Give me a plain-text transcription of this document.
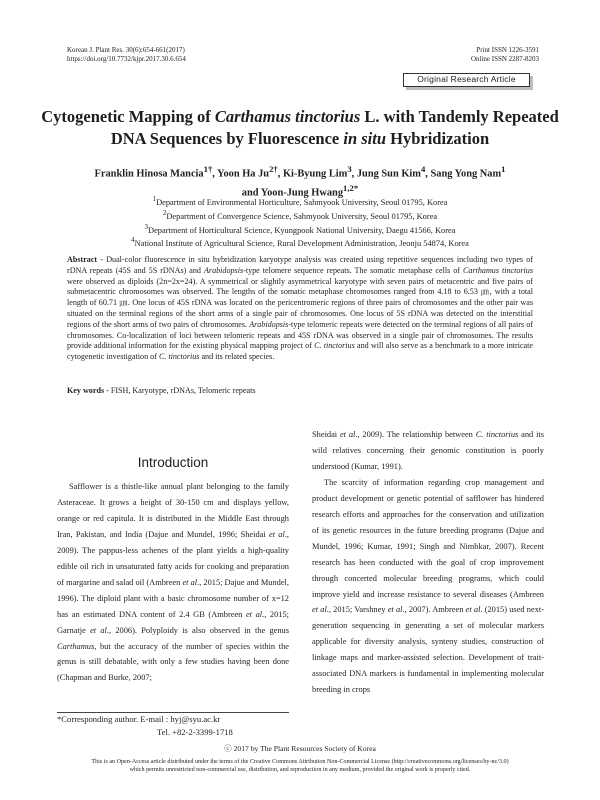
Korean J. Plant Res. 30(6):654-661(2017)
https://doi.org/10.7732/kjpr.2017.30.6.654
Print ISSN 1226-3591
Online ISSN 2287-8203
Original Research Article
Cytogenetic Mapping of Carthamus tinctorius L. with Tandemly Repeated DNA Sequences by Fluorescence in situ Hybridization
Franklin Hinosa Mancia$^{1\dagger}$, Yoon Ha $Ju^{2\dagger}$, Ki-Byung Lim$^3$, Jung Sun Kim$^4$, Sang Yong Nam$^1$
and Yoon-Jung Hwang$^{1,2*}$
$^1$Department of Environmental Horticulture, Sahmyook University, Seoul 01795, Korea
$^2$Department of Convergence Science, Sahmyook University, Seoul 01795, Korea
$^3$Department of Horticultural Science, Kyungpook National University, Daegu 41566, Korea
$^4$National Institute of Agricultural Science, Rural Development Administration, Jeonju 54874, Korea
Abstract - Dual-color fluorescence in situ hybridization karyotype analysis was created using repetitive sequences including two types of rDNA repeats (45S and 5S rDNAs) and Arabidopsis-type telomere sequence repeats. The somatic metaphase cells of Carthamus tinctorius were observed as diploids (2n=2x=24). A symmetrical or slightly asymmetrical karyotype with seven pairs of metacentric and five pairs of submetacentric chromosomes was observed. The lengths of the somatic metaphase chromosomes ranged from 4.18 to 6.53 ㎛, with a total length of 60.71 ㎛. One locus of 45S rDNA was located on the pericentromeric regions of three pairs of chromosomes and the other pair was situated on the terminal regions of the short arms of a single pair of chromosomes. One locus of 5S rDNA was detected on the interstitial regions of the short arms of two pairs of chromosomes. Arabidopsis-type telomeric repeats were detected on the terminal regions of all pairs of chromosomes. Co-localization of loci between telomeric repeats and 45S rDNA was observed in a single pair of chromosomes. The results provide additional information for the existing physical mapping project of C. tinctorius and will also serve as a benchmark to a more intricate cytogenetic investigation of C. tinctorius and its related species.
Key words - FISH, Karyotype, rDNAs, Telomeric repeats
Introduction

Safflower is a thistle-like annual plant belonging to the family Asteraceae. It grows a height of 30-150 cm and displays yellow, orange or red capitula. It is distributed in the Middle East through Iran, Pakistan, and India (Dajue and Mundel, 1996; Sheidai et al., 2009). The pappus-less achenes of the plant yields a high-quality edible oil rich in unsaturated fatty acids for cooking and preparation of margarine and salad oil (Ambreen et al., 2015; Dajue and Mundel, 1996). The diploid plant with a basic chromosome number of x=12 has an estimated DNA content of 2.4 GB (Ambreen et al., 2015; Garnatje et al., 2006). Polyploidy is also observed in the genus Carthamus, but the accuracy of the number of species within the genus is still debatable, with only a few studies having been done (Chapman and Burke, 2007;

Sheidai et al., 2009). The relationship between C. tinctorius and its wild relatives concerning their genomic constitution is poorly understood (Kumar, 1991).

The scarcity of information regarding crop management and product development or genetic potential of safflower has hindered research efforts and approaches for the conservation and utilization of its genetic resources in the future breeding programs (Dajue and Mundel, 1996; Kumar, 1991; Singh and Nimbkar, 2007). Recent research has been conducted with the goal of crop improvement through concerted molecular breeding programs, which could improve yield and increase resistance to several diseases (Ambreen et al., 2015; Varshney et al., 2007). Ambreen et al. (2015) used next-generation sequencing in generating a set of molecular markers applicable for diversity analysis, synteny studies, construction of linkage maps and marker-assisted selection. Development of trait-associated DNA markers is fundamental in implementing molecular breeding in crops

*Corresponding author. E-mail : hyj@syu.ac.kr
Tel. +82-2-3399-1718
ⓒ 2017 by The Plant Resources Society of Korea
This is an Open-Access article distributed under the terms of the Creative Commons Attribution Non-Commercial License (http://creativecommons.org/licenses/by-nc/3.0)
which permits unrestricted non-commercial use, distribution, and reproduction in any medium, provided the original work is properly cited.
